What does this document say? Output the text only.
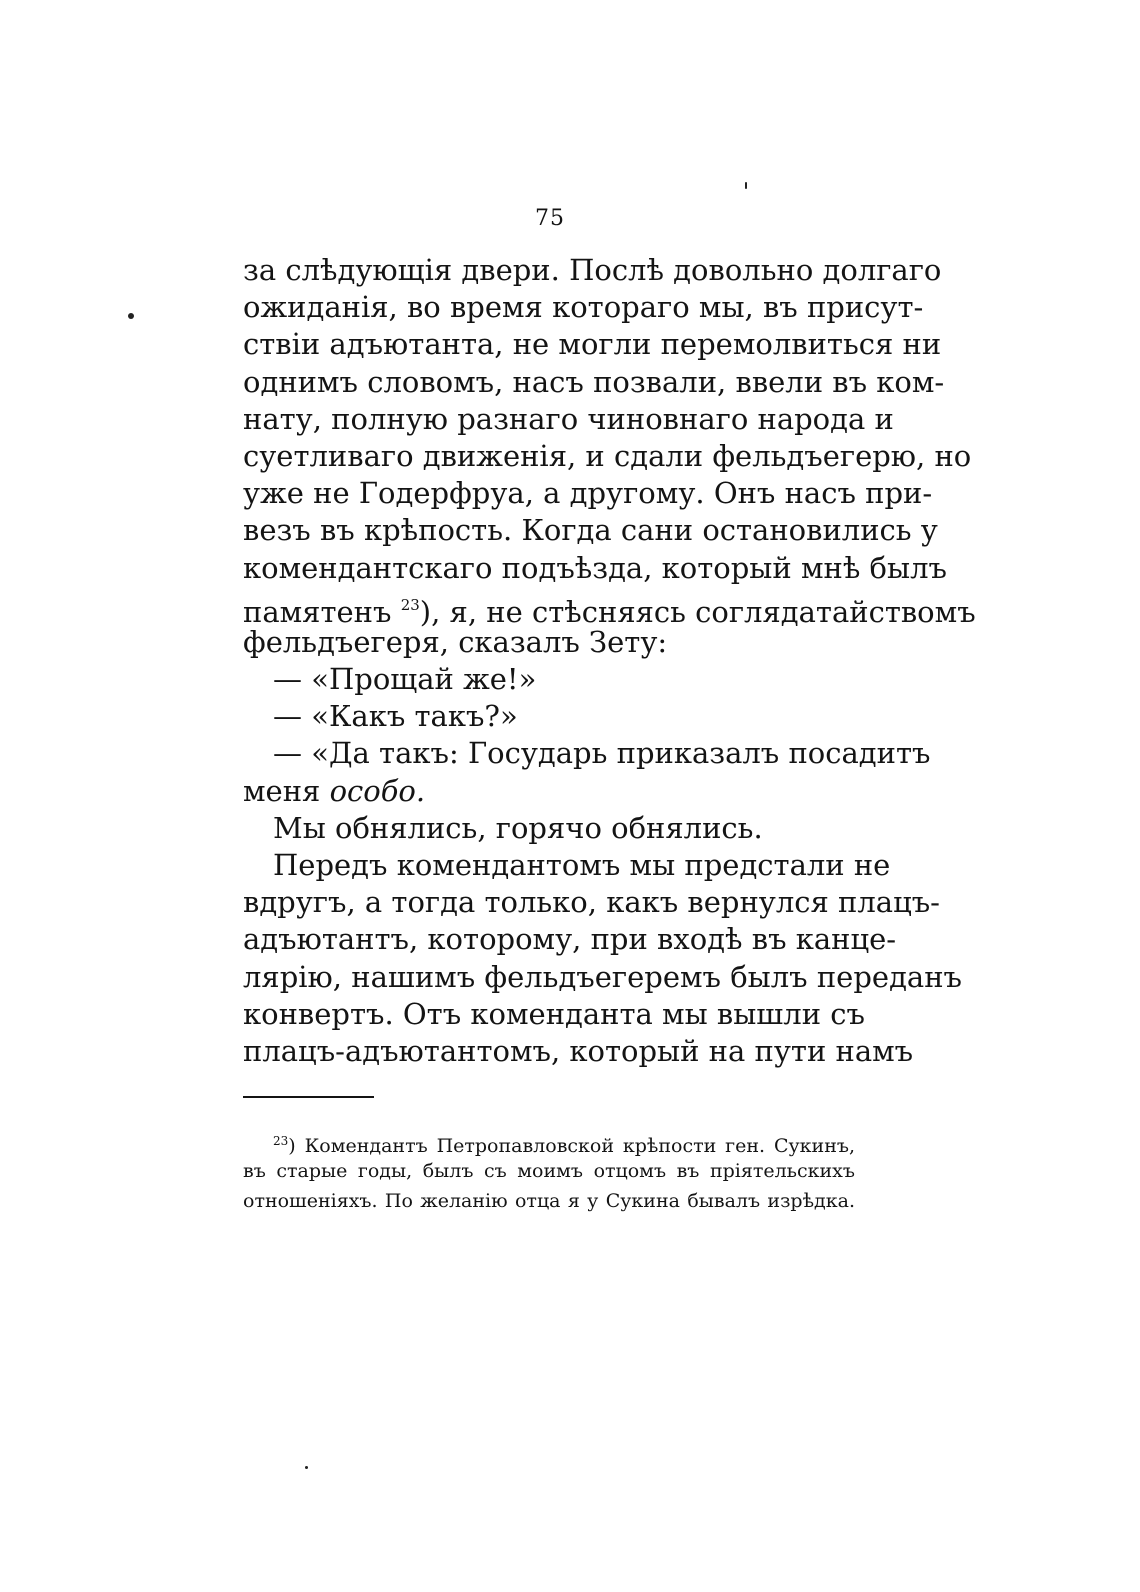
75
за слѣдующія двери. Послѣ довольно долгаго
ожиданія, во время котораго мы, въ присут-
ствіи адъютанта, не могли перемолвиться ни
однимъ словомъ, насъ позвали, ввели въ ком-
нату, полную разнаго чиновнаго народа и
суетливаго движенія, и сдали фельдъегерю, но
уже не Годерфруа, а другому. Онъ насъ при-
везъ въ крѣпость. Когда сани остановились у
комендантскаго подъѣзда, который мнѣ былъ
памятенъ $^{23}$), я, не стѣсняясь соглядатайствомъ
фельдъегеря, сказалъ Зету:
— «Прощай же!»
— «Какъ такъ?»
— «Да такъ: Государь приказалъ посадитъ
меня особо.
Мы обнялись, горячо обнялись.
Передъ комендантомъ мы предстали не
вдругъ, а тогда только, какъ вернулся плацъ-
адъютантъ, которому, при входѣ въ канце-
лярію, нашимъ фельдъегеремъ былъ переданъ
конвертъ. Отъ коменданта мы вышли съ
плацъ-адъютантомъ, который на пути намъ
$^{23}$) Комендантъ Петропавловской крѣпости ген. Сукинъ,
въ старые годы, былъ съ моимъ отцомъ въ пріятельскихъ
отношеніяхъ. По желанію отца я у Сукина бывалъ изрѣдка.
